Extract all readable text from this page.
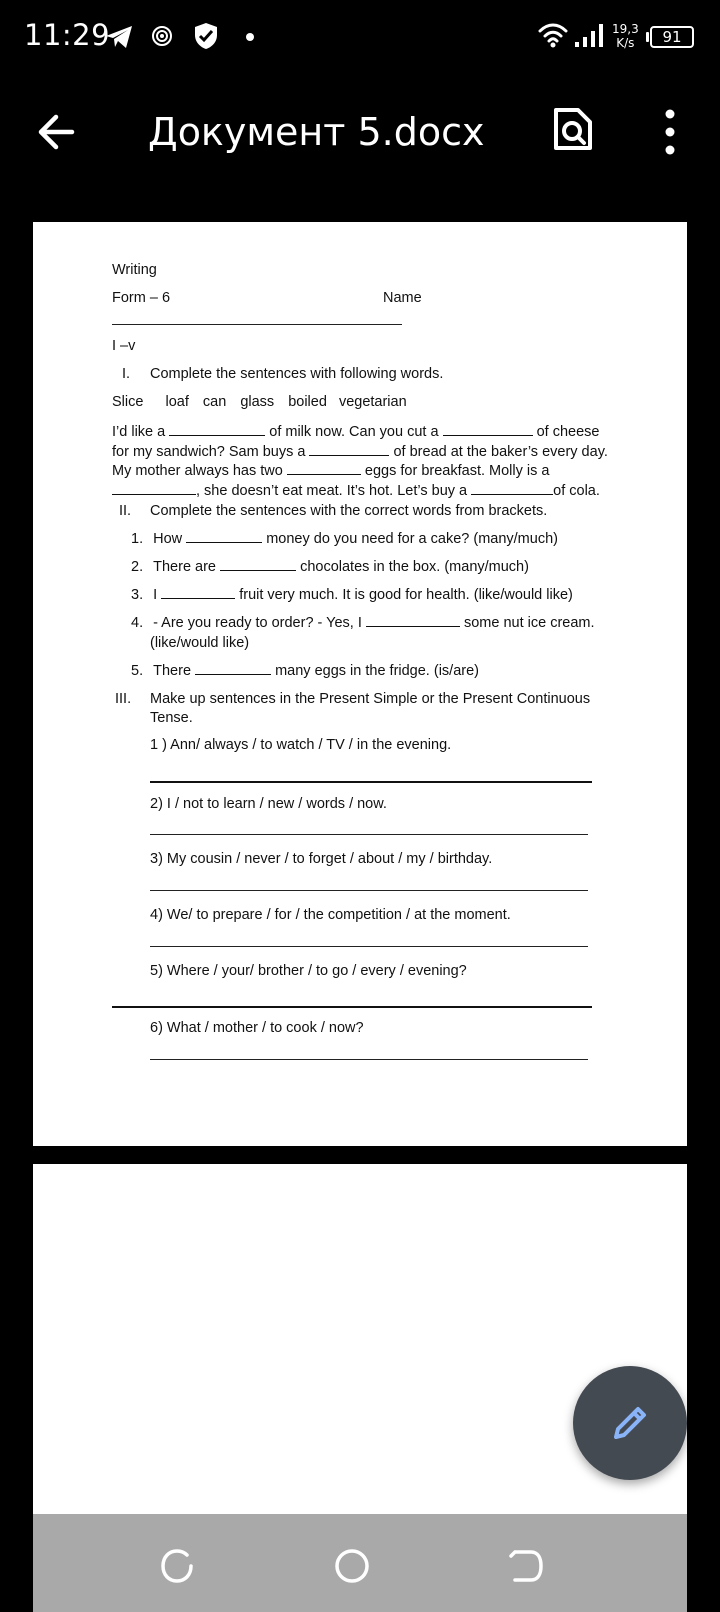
11:29	19,3
K/s	91
Документ 5.docx
Writing
Form – 6	Name
I –v
I. Complete the sentences with following words.
Slice loaf can glass boiled vegetarian
I’d like a	of milk now. Can you cut a	of cheese for my sandwich? Sam buys a	of bread at the baker’s every day. My mother always has two	eggs for breakfast. Molly is a , she doesn’t eat meat. It’s hot. Let’s buy a	of cola.
II. Complete the sentences with the correct words from brackets.
1. How	money do you need for a cake? (many/much)
2. There are	chocolates in the box. (many/much)
3. I	fruit very much. It is good for health. (like/would like)
4. - Are you ready to order? - Yes, I	some nut ice cream.
(like/would like)
5. There	many eggs in the fridge. (is/are)
III. Make up sentences in the Present Simple or the Present Continuous
Tense.
1 ) Ann/ always / to watch / TV / in the evening.
2) I / not to learn / new / words / now.
3) My cousin / never / to forget / about / my / birthday.
4) We/ to prepare / for / the competition / at the moment.
5) Where / your/ brother / to go / every / evening?
6) What / mother / to cook / now?
